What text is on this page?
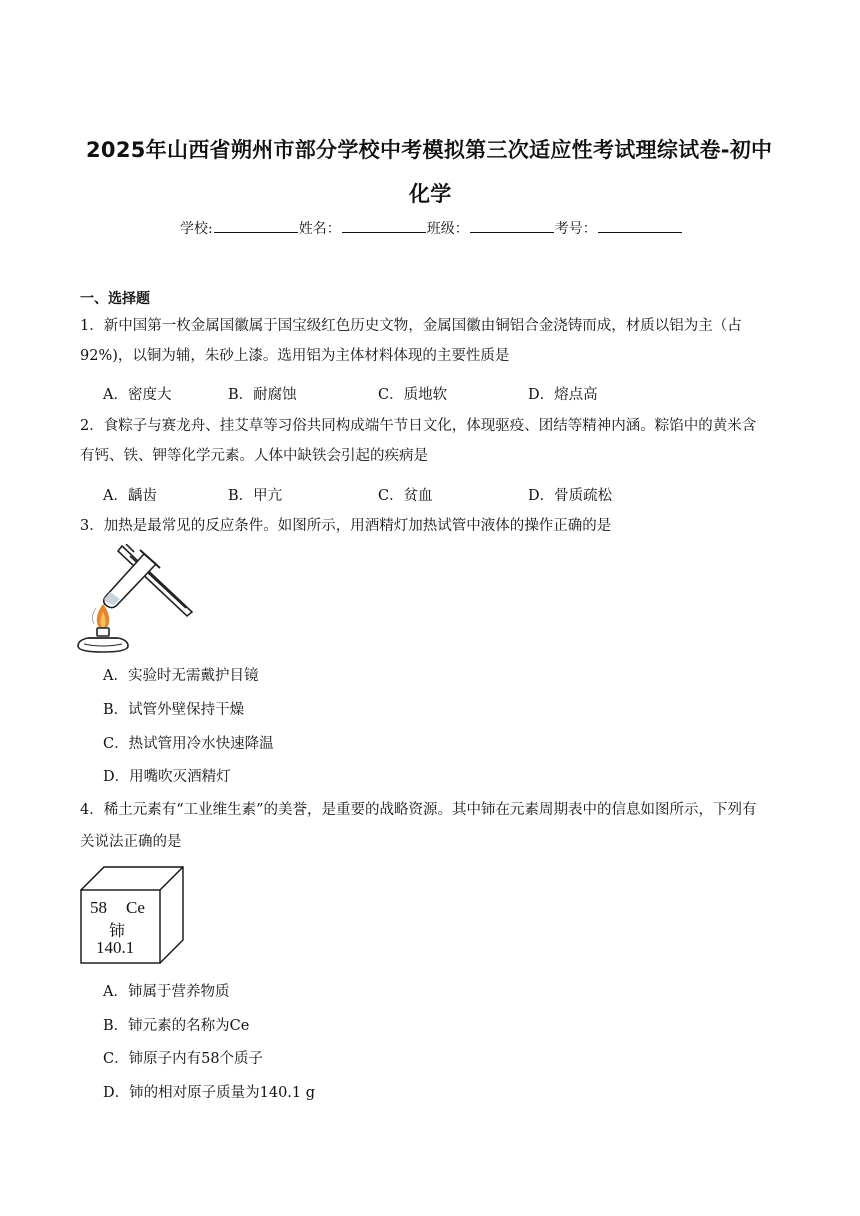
2025年山西省朔州市部分学校中考模拟第三次适应性考试理综试卷-初中
化学
学校:	姓名：	班级：	考号：
一、选择题
1．新中国第一枚金属国徽属于国宝级红色历史文物，金属国徽由铜铝合金浇铸而成，材质以铝为主（占
92%)，以铜为辅，朱砂上漆。选用铝为主体材料体现的主要性质是
A．密度大	B．耐腐蚀	C．质地软	D．熔点高
2．食粽子与赛龙舟、挂艾草等习俗共同构成端午节日文化，体现驱疫、团结等精神内涵。粽馅中的黄米含
有钙、铁、钾等化学元素。人体中缺铁会引起的疾病是
A．龋齿	B．甲亢	C．贫血	D．骨质疏松
3．加热是最常见的反应条件。如图所示，用酒精灯加热试管中液体的操作正确的是
A．实验时无需戴护目镜
B．试管外壁保持干燥
C．热试管用冷水快速降温
D．用嘴吹灭酒精灯
4．稀土元素有“工业维生素”的美誉，是重要的战略资源。其中铈在元素周期表中的信息如图所示，下列有
关说法正确的是
58 Ce
铈
140.1
A．铈属于营养物质
B．铈元素的名称为Ce
C．铈原子内有58个质子
D．铈的相对原子质量为140.1 g
